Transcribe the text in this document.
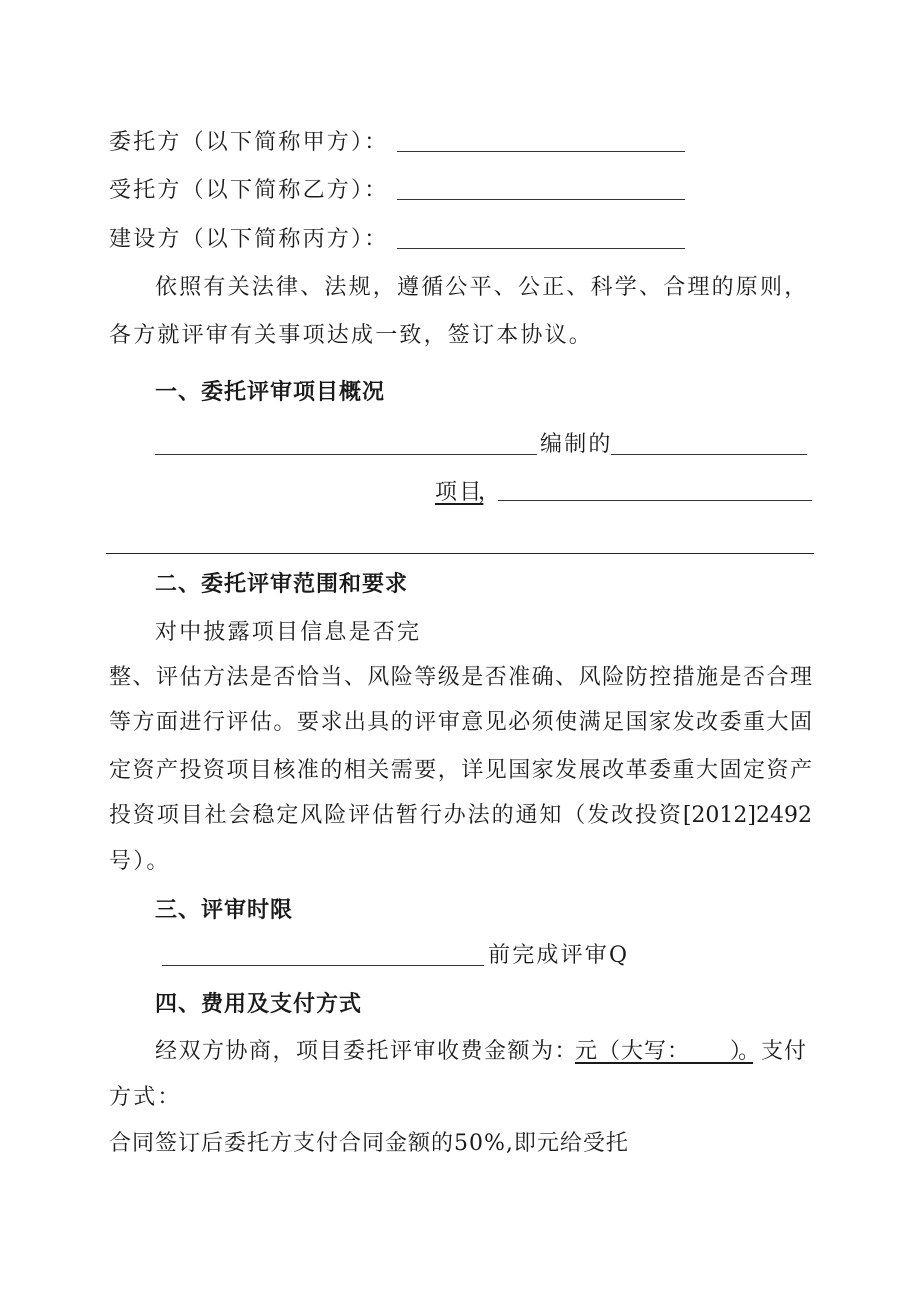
委托方（以下简称甲方）：
受托方（以下简称乙方）：
建设方（以下简称丙方）：
依照有关法律、法规，遵循公平、公正、科学、合理的原则，
各方就评审有关事项达成一致，签订本协议。
一、委托评审项目概况
编制的
项目
，
二、委托评审范围和要求
对中披露项目信息是否完
整、评估方法是否恰当、风险等级是否准确、风险防控措施是否合理
等方面进行评估。要求出具的评审意见必须使满足国家发改委重大固
定资产投资项目核准的相关需要，详见国家发展改革委重大固定资产
投资项目社会稳定风险评估暂行办法的通知（发改投资[2012]2492
号）。
三、评审时限
前完成评审Q
四、费用及支付方式
经双方协商，项目委托评审收费金额为：
元（大写：     ）
。支付
方式：
合同签订后委托方支付合同金额的50%,即元给受托
